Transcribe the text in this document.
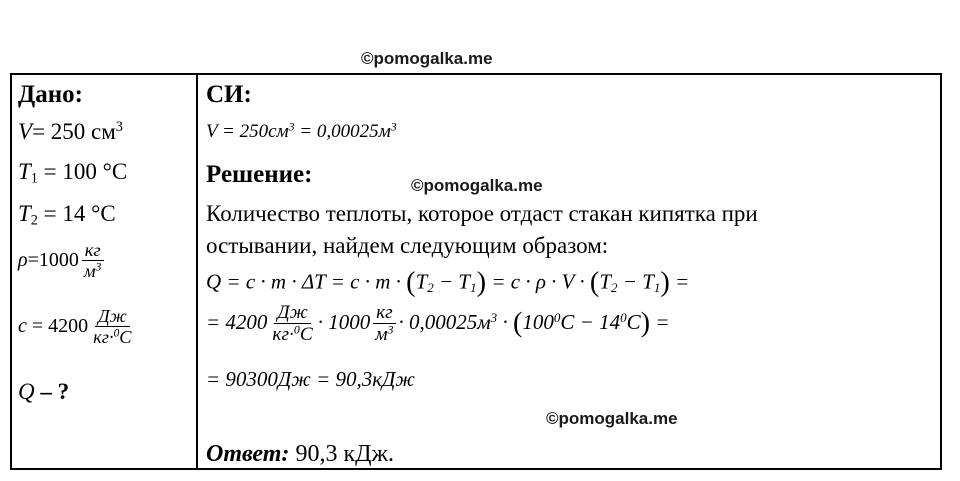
©pomogalka.me
©pomogalka.me
©pomogalka.me
Дано:
V= 250 $см^3$
$T_1 = 100$ °C
$T_2 = 14$ °C
$\rho=1000 \frac{кг}{м^3}$
$c = 4200 \frac{Дж}{кг\cdot^0C}$
Q – ?
СИ:
$V = 250см^3 = 0,00025м^3$
Решение:
Количество теплоты, которое отдаст стакан кипятка при
остывании, найдем следующим образом:
$Q = c \cdot m \cdot \Delta T = c \cdot m \cdot (T_2 - T_1) = c \cdot \rho \cdot V \cdot (T_2 - T_1)$ =
= $4200 \frac{Дж}{кг\cdot^0C} \cdot 1000 \frac{кг}{м^3} \cdot 0,00025м^3 \cdot (100^0C - 14^0C)$ =
= 90300Дж = 90,3кДж
Ответ: 90,3 кДж.
